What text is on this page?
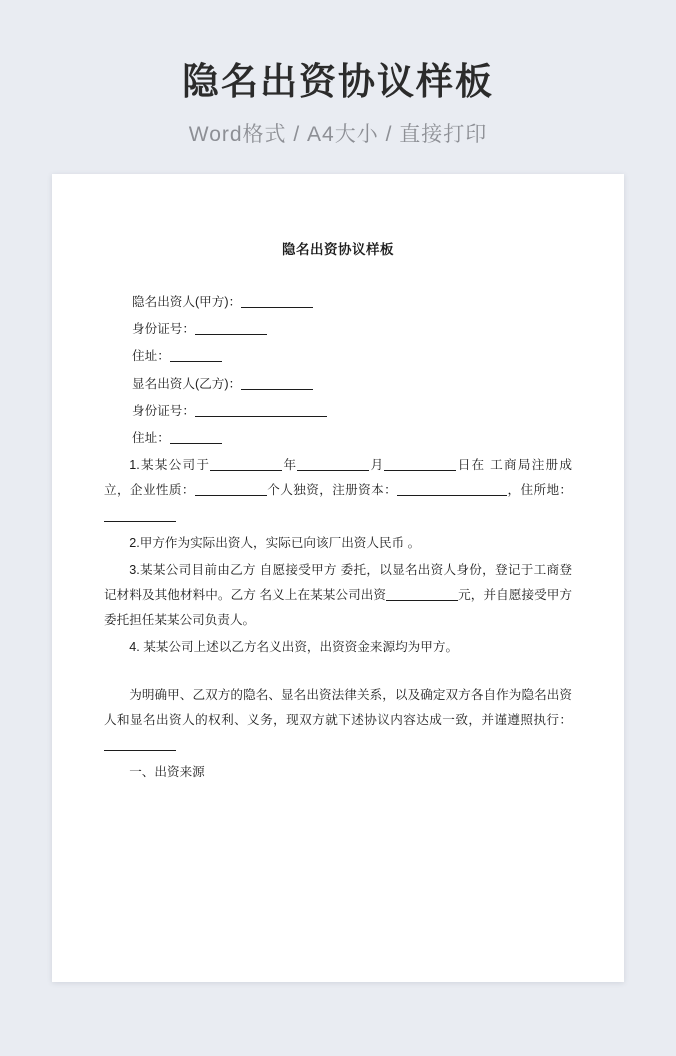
隐名出资协议样板
Word格式 / A4大小 / 直接打印
隐名出资协议样板

隐名出资人(甲方)：

身份证号：

住址：

显名出资人(乙方)：

身份证号：

住址：

1.某某公司于	年	月	日在 工商局注册成立，企业性质：	个人独资，注册资本：	，住所地：

2.甲方作为实际出资人，实际已向该厂出资人民币 。

3.某某公司目前由乙方 自愿接受甲方 委托，以显名出资人身份，登记于工商登记材料及其他材料中。乙方 名义上在某某公司出资	元，并自愿接受甲方委托担任某某公司负责人。

4. 某某公司上述以乙方名义出资，出资资金来源均为甲方。

为明确甲、乙双方的隐名、显名出资法律关系，以及确定双方各自作为隐名出资人和显名出资人的权利、义务，现双方就下述协议内容达成一致，并谨遵照执行：

一、出资来源
